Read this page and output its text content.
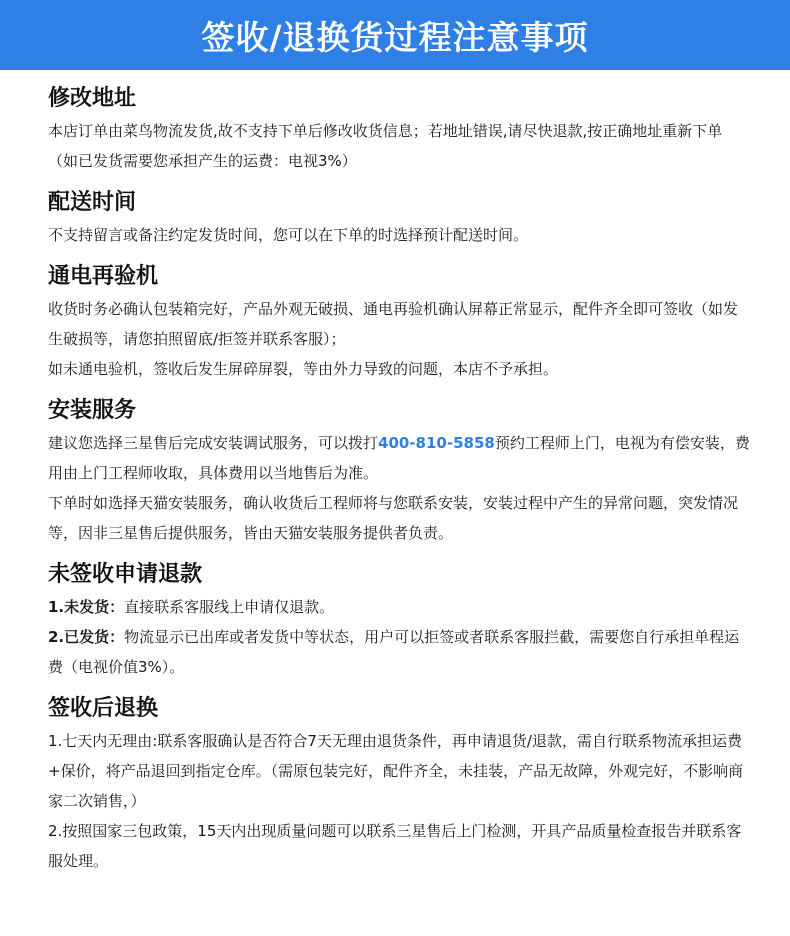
签收/退换货过程注意事项
修改地址

本店订单由菜鸟物流发货,故不支持下单后修改收货信息；若地址错误,请尽快退款,按正确地址重新下单（如已发货需要您承担产生的运费：电视3%）

配送时间

不支持留言或备注约定发货时间，您可以在下单的时选择预计配送时间。

通电再验机

收货时务必确认包装箱完好，产品外观无破损、通电再验机确认屏幕正常显示，配件齐全即可签收（如发生破损等，请您拍照留底/拒签并联系客服）；

如未通电验机，签收后发生屏碎屏裂，等由外力导致的问题，本店不予承担。

安装服务

建议您选择三星售后完成安装调试服务，可以拨打400-810-5858预约工程师上门，电视为有偿安装，费用由上门工程师收取，具体费用以当地售后为准。

下单时如选择天猫安装服务，确认收货后工程师将与您联系安装，安装过程中产生的异常问题，突发情况等，因非三星售后提供服务，皆由天猫安装服务提供者负责。

未签收申请退款

1.未发货：直接联系客服线上申请仅退款。

2.已发货：物流显示已出库或者发货中等状态，用户可以拒签或者联系客服拦截，需要您自行承担单程运费（电视价值3%）。

签收后退换

1.七天内无理由:联系客服确认是否符合7天无理由退货条件，再申请退货/退款，需自行联系物流承担运费+保价，将产品退回到指定仓库。（需原包装完好，配件齐全，未挂装，产品无故障，外观完好，不影响商家二次销售，）

2.按照国家三包政策，15天内出现质量问题可以联系三星售后上门检测，开具产品质量检查报告并联系客服处理。
